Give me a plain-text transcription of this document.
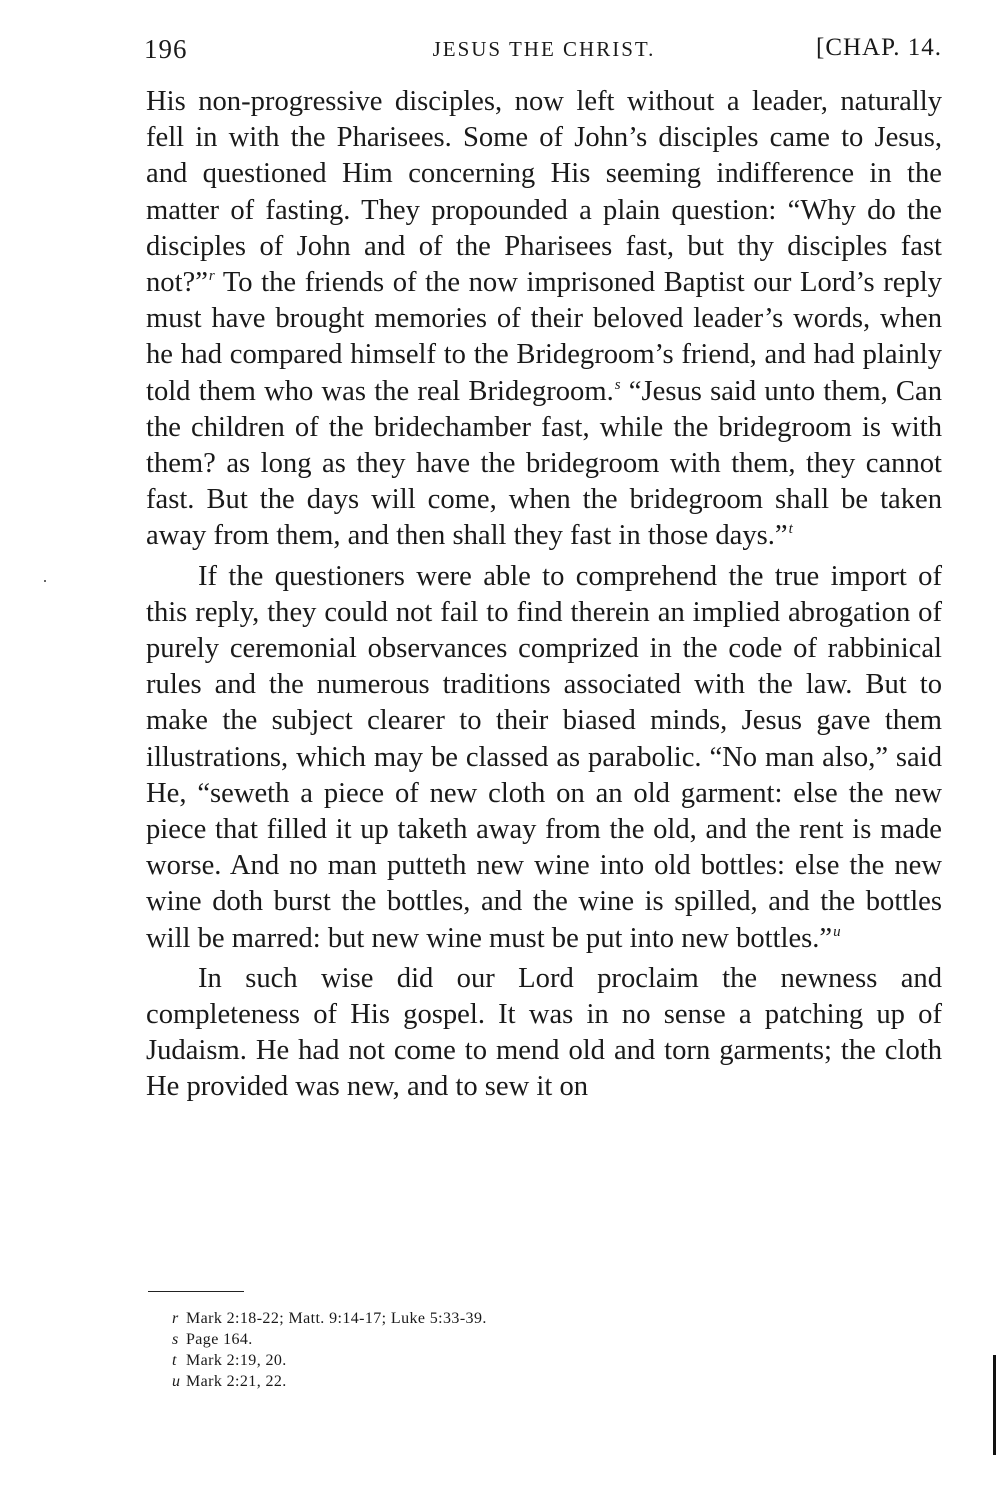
196	JESUS THE CHRIST.	[CHAP. 14.

His non-progressive disciples, now left without a leader, naturally fell in with the Pharisees. Some of John’s disciples came to Jesus, and questioned Him concerning His seeming indifference in the matter of fasting. They propounded a plain question: “Why do the disciples of John and of the Pharisees fast, but thy disciples fast not?”$^r$ To the friends of the now imprisoned Baptist our Lord’s reply must have brought memories of their beloved leader’s words, when he had compared himself to the Bridegroom’s friend, and had plainly told them who was the real Bridegroom.$^s$ “Jesus said unto them, Can the children of the bridechamber fast, while the bridegroom is with them? as long as they have the bridegroom with them, they cannot fast. But the days will come, when the bridegroom shall be taken away from them, and then shall they fast in those days.”$^t$

If the questioners were able to comprehend the true import of this reply, they could not fail to find therein an implied abrogation of purely ceremonial observances comprized in the code of rabbinical rules and the numerous traditions associated with the law. But to make the subject clearer to their biased minds, Jesus gave them illustrations, which may be classed as parabolic. “No man also,” said He, “seweth a piece of new cloth on an old garment: else the new piece that filled it up taketh away from the old, and the rent is made worse. And no man putteth new wine into old bottles: else the new wine doth burst the bottles, and the wine is spilled, and the bottles will be marred: but new wine must be put into new bottles.”$^u$

In such wise did our Lord proclaim the newness and completeness of His gospel. It was in no sense a patching up of Judaism. He had not come to mend old and torn garments; the cloth He provided was new, and to sew it on

r Mark 2:18-22; Matt. 9:14-17; Luke 5:33-39.
s Page 164.
t Mark 2:19, 20.
u Mark 2:21, 22.
